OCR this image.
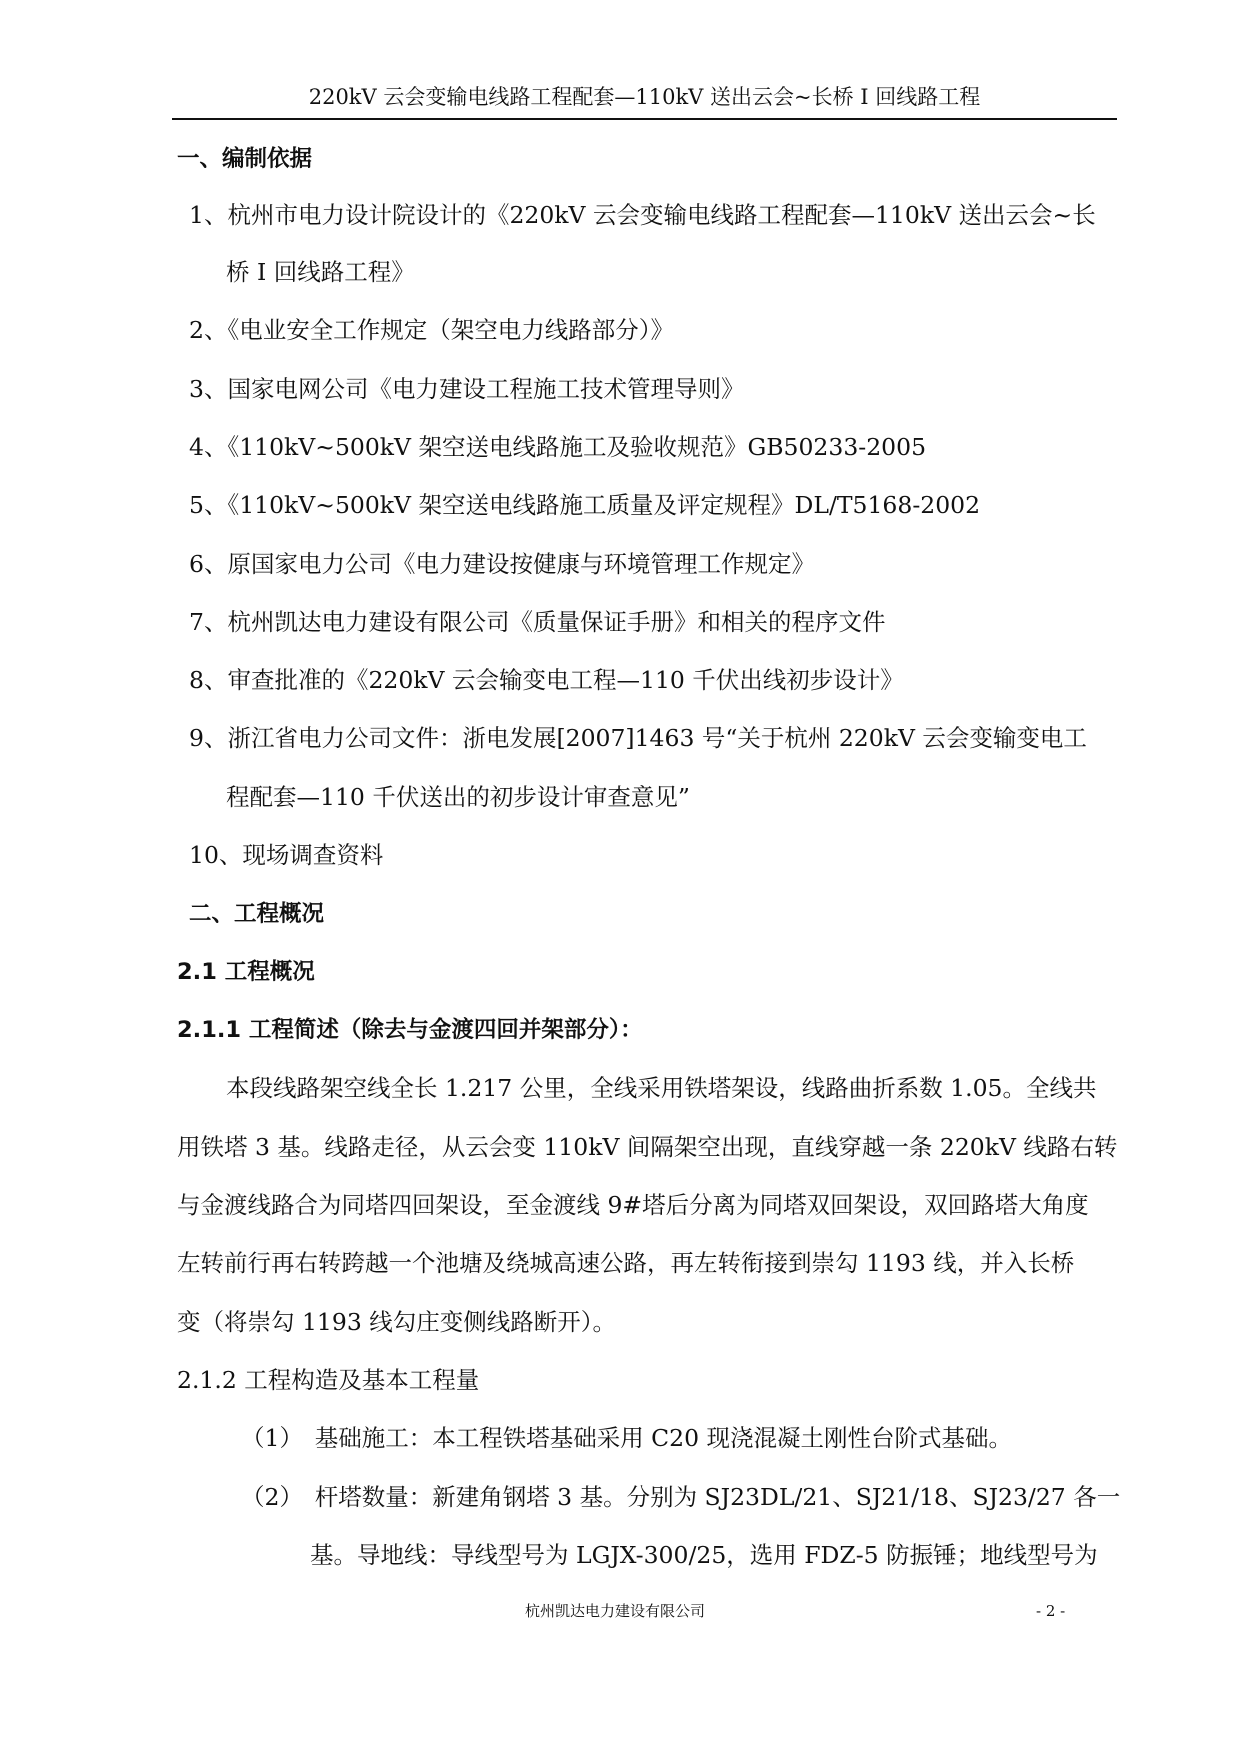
220kV 云会变输电线路工程配套—110kV 送出云会~长桥 I 回线路工程
一、编制依据
1、杭州市电力设计院设计的《220kV 云会变输电线路工程配套—110kV 送出云会~长
桥 I 回线路工程》
2、《电业安全工作规定（架空电力线路部分）》
3、国家电网公司《电力建设工程施工技术管理导则》
4、《110kV~500kV 架空送电线路施工及验收规范》GB50233-2005
5、《110kV~500kV 架空送电线路施工质量及评定规程》DL/T5168-2002
6、原国家电力公司《电力建设按健康与环境管理工作规定》
7、杭州凯达电力建设有限公司《质量保证手册》和相关的程序文件
8、审查批准的《220kV 云会输变电工程—110 千伏出线初步设计》
9、浙江省电力公司文件：浙电发展[2007]1463 号“关于杭州 220kV 云会变输变电工
程配套—110 千伏送出的初步设计审查意见”
10、现场调查资料
二、工程概况
2.1 工程概况
2.1.1 工程简述（除去与金渡四回并架部分）：
本段线路架空线全长 1.217 公里，全线采用铁塔架设，线路曲折系数 1.05。全线共
用铁塔 3 基。线路走径，从云会变 110kV 间隔架空出现，直线穿越一条 220kV 线路右转
与金渡线路合为同塔四回架设，至金渡线 9#塔后分离为同塔双回架设，双回路塔大角度
左转前行再右转跨越一个池塘及绕城高速公路，再左转衔接到崇勾 1193 线，并入长桥
变（将崇勾 1193 线勾庄变侧线路断开）。
2.1.2 工程构造及基本工程量
（1）　基础施工：本工程铁塔基础采用 C20 现浇混凝土刚性台阶式基础。
（2）　杆塔数量：新建角钢塔 3 基。分别为 SJ23DL/21、SJ21/18、SJ23/27 各一
基。导地线：导线型号为 LGJX-300/25，选用 FDZ-5 防振锤；地线型号为
杭州凯达电力建设有限公司	- 2 -
